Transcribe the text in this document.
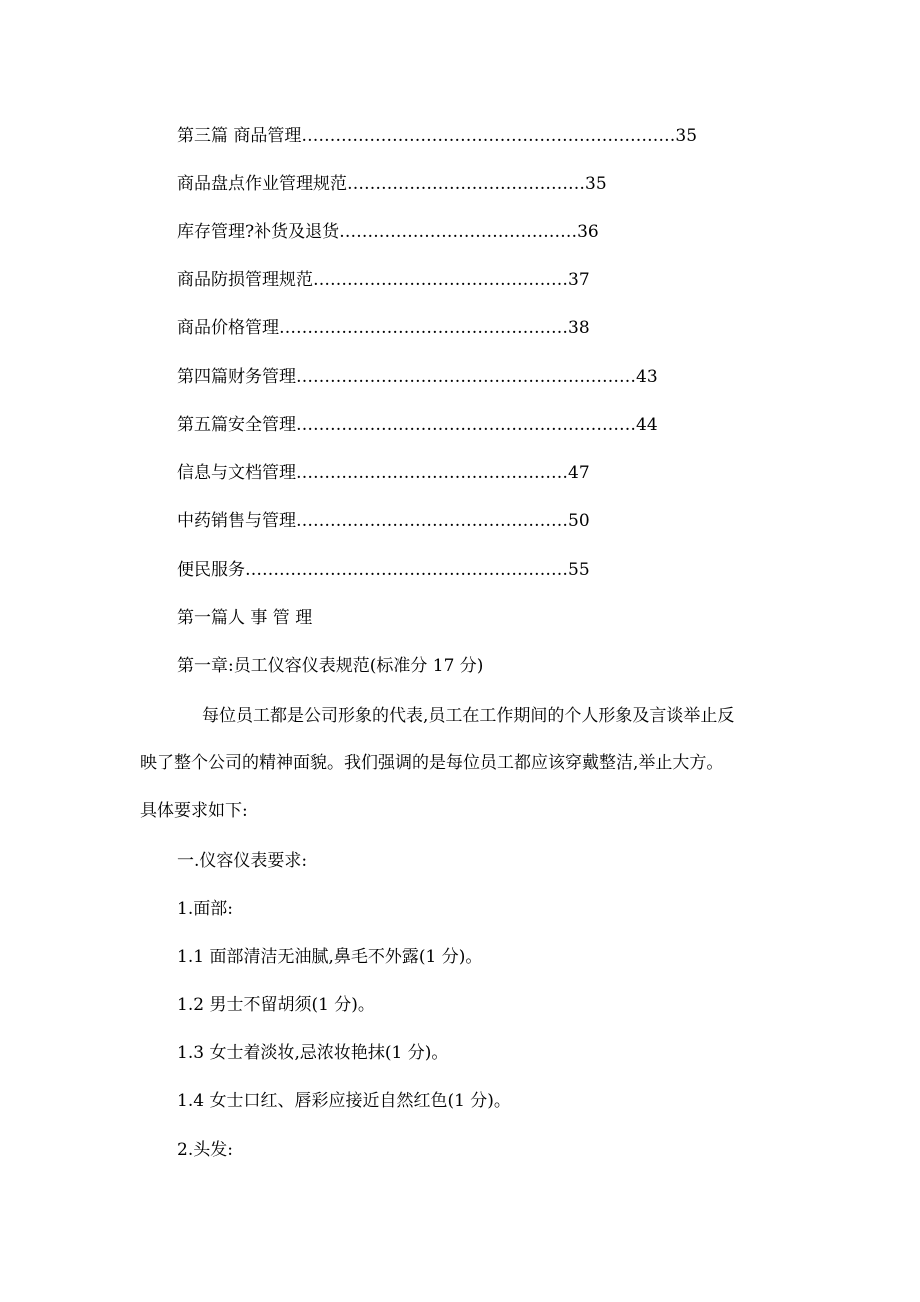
第三篇 商品管理…………………………………………………………35
商品盘点作业管理规范……………………………………35
库存管理?补货及退货……………………………………36
商品防损管理规范………………………………………37
商品价格管理……………………………………………38
第四篇财务管理……………………………………………………43
第五篇安全管理……………………………………………………44
信息与文档管理…………………………………………47
中药销售与管理…………………………………………50
便民服务…………………………………………………55
第一篇人 事 管 理
第一章:员工仪容仪表规范(标准分 17 分)
每位员工都是公司形象的代表,员工在工作期间的个人形象及言谈举止反
映了整个公司的精神面貌。我们强调的是每位员工都应该穿戴整洁,举止大方。
具体要求如下:
一.仪容仪表要求:
1.面部:
1.1 面部清洁无油腻,鼻毛不外露(1 分)。
1.2 男士不留胡须(1 分)。
1.3 女士着淡妆,忌浓妆艳抹(1 分)。
1.4 女士口红、唇彩应接近自然红色(1 分)。
2.头发:
